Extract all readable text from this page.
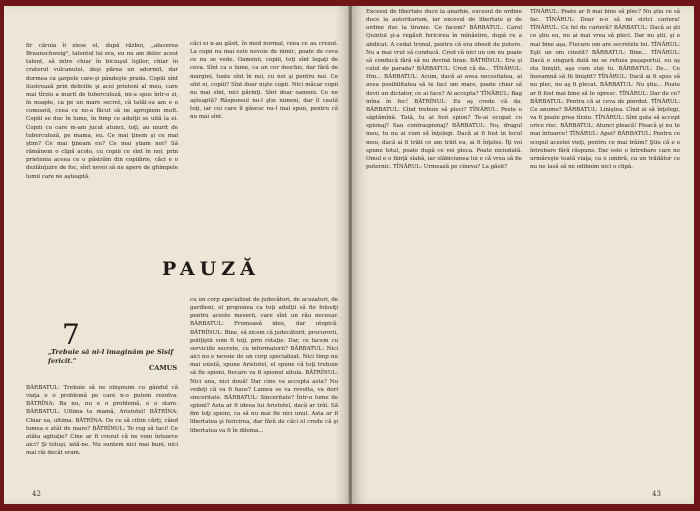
fir căruia îi ziese el, după război, „afacerea Braunschweig", talentul lui era, eu nu am deloc acest talent, să intre chiar în biciuşul lojilor, chiar în craterul vulcanului, deşi părea un adormit, dar dormea ca şarpele care-şi pândeşte prada. Copiii sînt ilustrează prin deliciile şi acei prieteni al meu, care mai tîrziu a murit de tuberculoză, mi-a spus într-o zi, în noapte, ca pe un mare secret, că tatăl-su am e o comoară, ceea ce ne-a făcut să ne apropiem mult. Copiii se duc în lume, în timp ce adulţii se uită la ei. Copiii cu care m-am jucat atunci, toţi, au murit de tuberculoză, pe mama, eu. Ce mai ţinem şi ce mai ştim? Ce mai ţineam eu? Ce mai ştiam noi? Să rămânem o clipă acolo, cu copiii ce sînt în noi, prin prietenia aceea ce o păstrăm din copilărie, căci e o dezlănţuire de foc, sînt nevoi să ne apere de ghimpele lumii care ne aşteaptă.

căci ei n-au găsit, în mod normal, ceea ce au crezut. La copii nu mai este nevoie de nimic, poate de ceva ce nu se vede. Oamenii, copiii, toţi sînt legaţi de ceva. Sînt ca o lume, ca un cer deschis, dar fără de margini, toate sînt în noi, cu noi şi pentru noi. Ce sînt ei, copiii? Sînt doar nişte copii. Nici măcar copii nu mai sînt, nici părinţi. Sînt doar oameni. Ce ne aşteaptă? Răspunsul nu-l ştie nimeni, dar îl caută toţi, iar cei care îl găsesc nu-l mai spun, pentru că nu mai sînt.

PAUZĂ
7
„Trebuie să ni-l imaginăm pe Sisif fericit."
CAMUS

BĂRBATUL: Trebuie să ne obişnuim cu gândul că viaţa e o problemă pe care n-o putem rezolva. BĂTRÎNA: Ba nu, nu e o problemă, e o stare. BĂRBATUL: Ultima ta mamă, Aristotel! BĂTRÎNA: Chiar ea, ultima. BĂTRÎNA: De ce să citim cărţi, când lumea e atât de mare? BĂTRÎNUL: Te rog să taci! Ce atâta agitaţie? Cine ar fi crezut că ne vom întoarce aici? Şi totuşi, iată-ne. Nu suntem nici mai buni, nici mai răi decât eram.

cu un corp specializat de judecători, de acuzatori, de gardieni, el propunea ca toţi adulţii să fie folosiţi pentru aceste meserii, care sînt un rău necesar. BĂRBATUL: Frumoasă idee, dar utopică. BĂTRÎNUL: Bine, să zicem că judecătorii, procurorii, poliţiştii vom fi toţi, prin rotaţie. Dar, ce facem cu serviciile secrete, cu informatorii? BĂRBATUL: Nici aici nu e nevoie de un corp specializat. Nici timp nu mai există, spune Aristotel, el spune că toţi trebuie să fie spioni, fiecare va fi spionul altuia. BĂTRÎNUL: Nici una, nici două! Dar cine va accepta asta? Nu vedeţi că va fi haos? Lumea se va revolta, va dori sinceritate. BĂRBATUL: Sinceritate? Într-o lume de spioni? Asta ar fi ideea lui Aristotel, dacă ar trăi. Să fim toţi spioni, ca să nu mai fie nici unul. Asta ar fi libertatea şi fericirea, dar fără de căci el crede că şi libertatea va fi în dilema...

42

Excesul de libertate duce la anarhie, excesul de ordine duce la autoritarism, iar excesul de libertate şi de ordine duc la tiranie. Ce facem? BĂRBATUL: Carol Quintul şi-a regăsit fericirea în mînăstire, după ce a abdicat. A cedat tronul, pentru că era obosit de putere. Nu a mai vrut să conducă. Cred că nici un om nu poate să conducă fără să nu devină tiran. BĂTRÎNUL: Era şi culul de parada? BĂRBATUL: Cred că da... TÎNĂRUL: Hm... BĂRBATUL: Acum, dacă ai avea necesitatea, ai avea posibilitatea să te faci om mare, poate chiar să devii un dictator, ce ai face? Ai accepta? TÎNĂRUL: Bag mîna în foc! BĂTRÎNUL: Eu aş crede că da. BĂRBATUL: Cînd trebuie să pleci? TÎNĂRUL: Peste o săptămînă. Tată, tu ai fost spion? Te-ai ocupat cu spionaj? Sau contraspionaj? BĂRBATUL: Nu, dragul meu, tu nu ai cum să înţelegi. Dacă ai fi fost în locul meu, dacă ai fi trăit ce am trăit eu, ai fi înţeles. Îţi voi spune totul, poate după ce vei pleca. Poate niciodată. Omul e o fiinţă slabă, iar slăbiciunea lui e că vrea să fie puternic. TÎNĂRUL: Urmează pe cineva? La găsit?

TÎNĂRUL: Poate ar fi mai bine să plec? Nu ştiu ce să fac. TÎNĂRUL: Doar n-o să mi strici cariera! TÎNĂRUL: Ce fel de carieră? BĂRBATUL: Dacă ai şti ce ştiu eu, nu ai mai vrea să pleci. Dar nu ştii, şi e mai bine aşa. Fiecare om are secretele lui. TÎNĂRUL: Eşti un om cinstit? BĂRBATUL: Bine... TÎNĂRUL: Dacă o singură dată mi se refuza paşaportul, eu aş sta liniştit, aşa cum stai tu. BĂRBATUL: De... Ce înseamnă să fii liniştit? TÎNĂRUL: Dacă ai fi spus să nu plec, nu aş fi plecat. BĂRBATUL: Nu ştiu... Poate ar fi fost mai bine să te opresc. TÎNĂRUL: Dar de ce? BĂRBATUL: Pentru că ai ceva de pierdut. TÎNĂRUL: Ce anume? BĂRBATUL: Liniştea. Cînd ai să înţelegi, va fi poate prea tîrziu. TÎNĂRUL: Sînt gata să accept orice risc. BĂRBATUL: Atunci pleacă! Pleacă şi nu te mai întoarce! TÎNĂRUL: Apoi? BĂRBATUL: Pentru ce scopul acestei vieţi, pentru ce mai trăim? Ştiu că e o întrebare fără răspuns. Dar este o întrebare care ne urmăreşte toată viaţa, ca o umbră, ca un trădător ce nu ne lasă să ne odihnim nici o clipă.

43
